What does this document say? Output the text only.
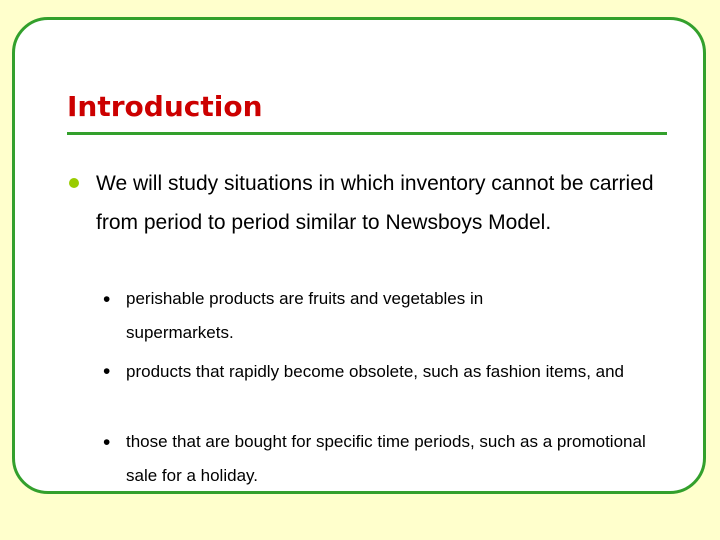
Introduction

We will study situations in which inventory cannot be carried from period to period similar to Newsboys Model.

• perishable products are fruits and vegetables in supermarkets.

• products that rapidly become obsolete, such as fashion items, and

• those that are bought for specific time periods, such as a promotional sale for a holiday.
